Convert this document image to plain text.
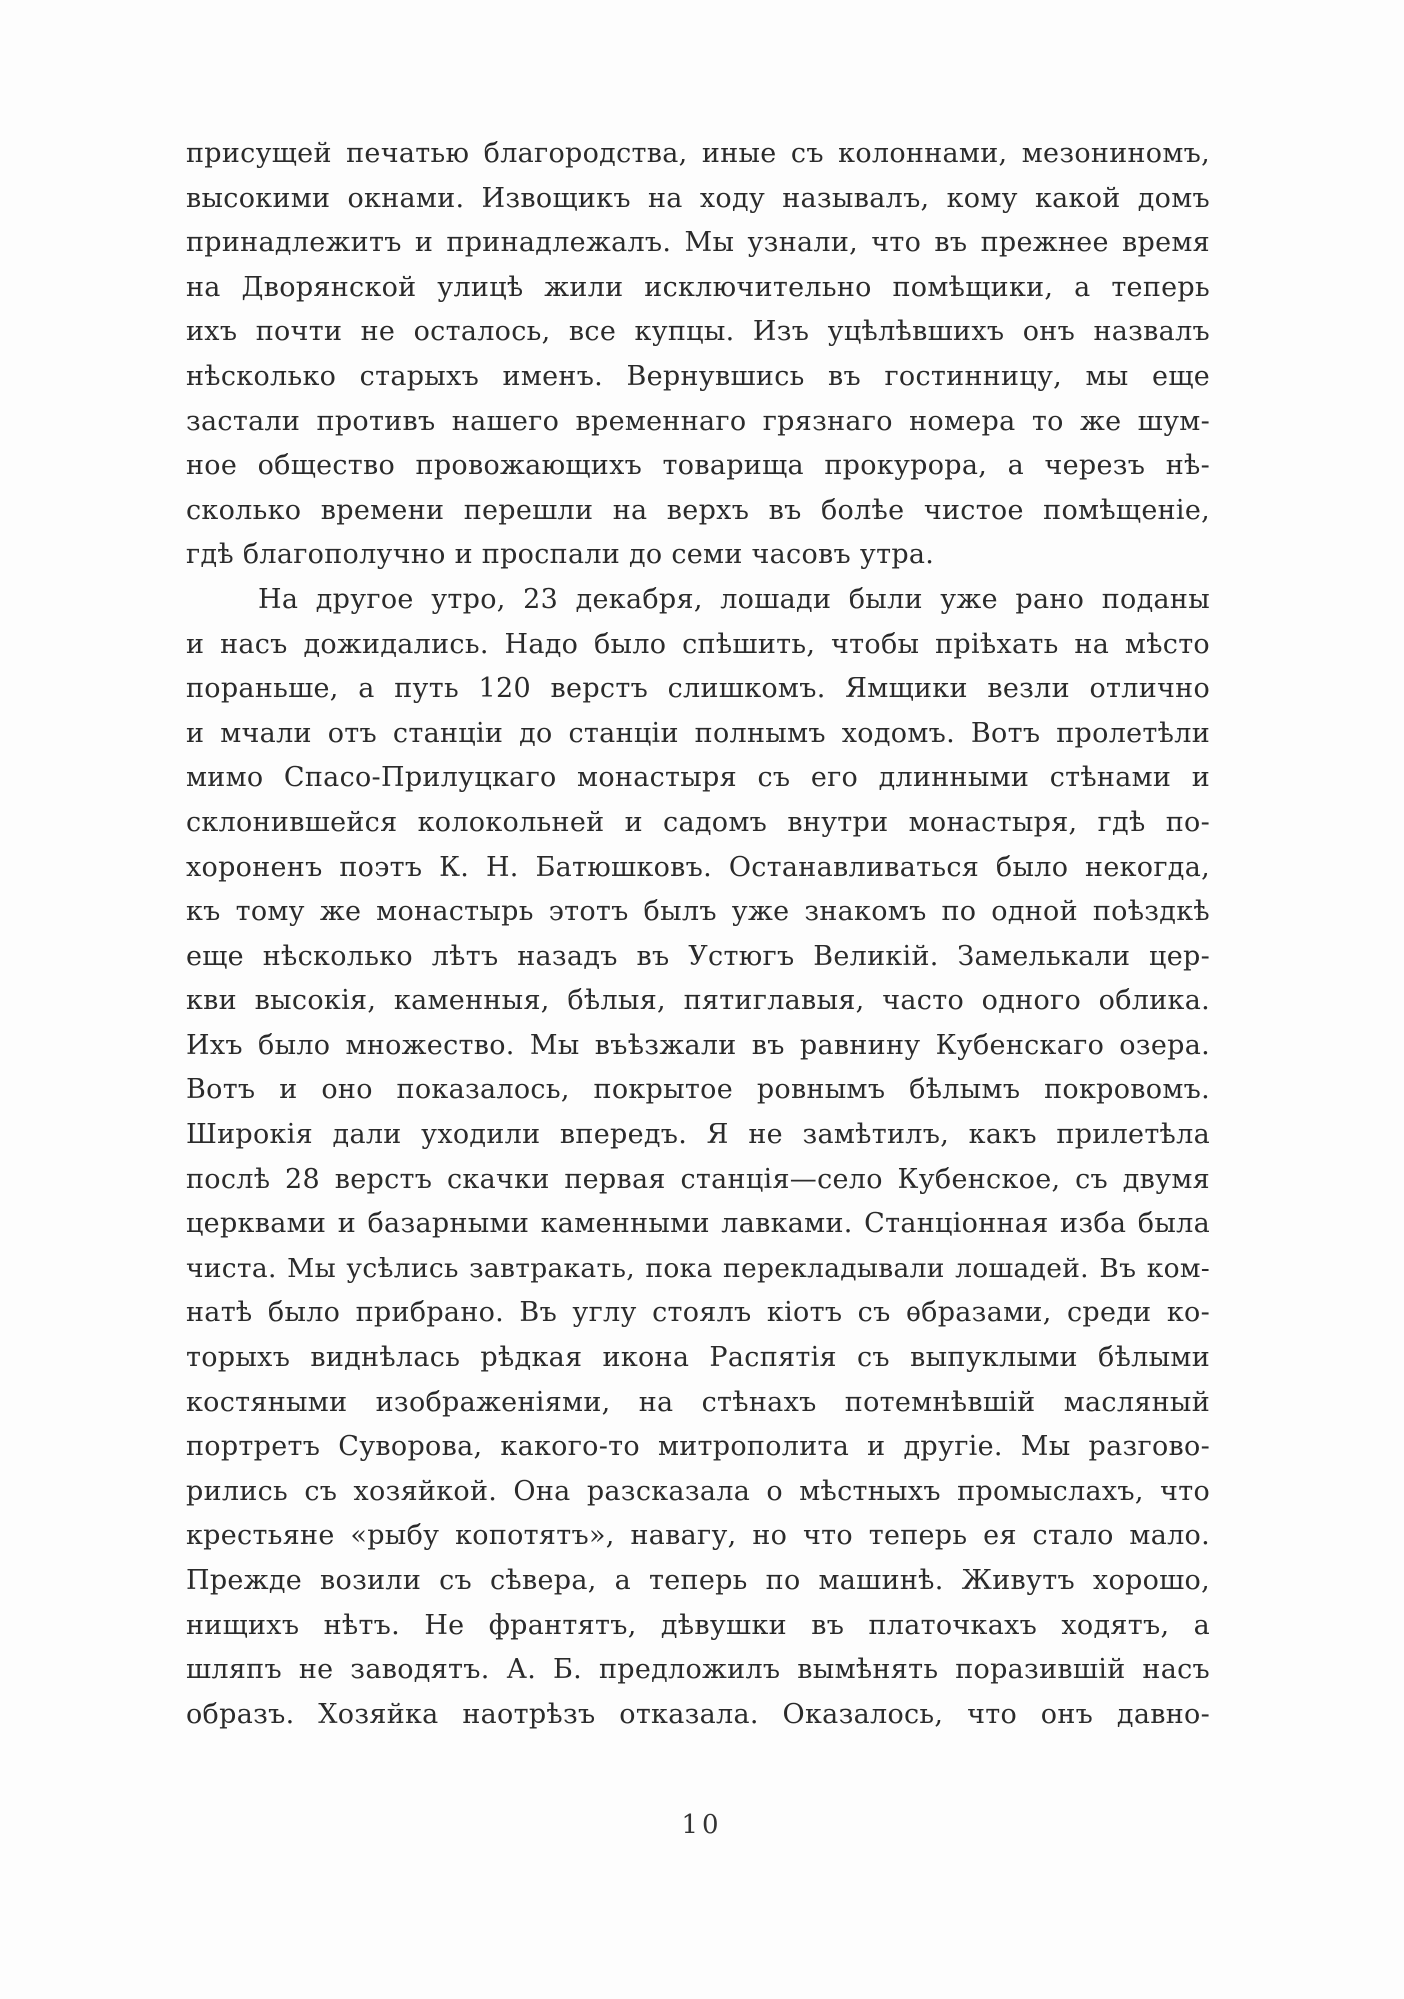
присущей печатью благородства, иные съ колоннами, мезониномъ,
высокими окнами. Извощикъ на ходу называлъ, кому какой домъ
принадлежитъ и принадлежалъ. Мы узнали, что въ прежнее время
на Дворянской улицѣ жили исключительно помѣщики, а теперь
ихъ почти не осталось, все купцы. Изъ уцѣлѣвшихъ онъ назвалъ
нѣсколько старыхъ именъ. Вернувшись въ гостинницу, мы еще
застали противъ нашего временнаго грязнаго номера то же шум-
ное общество провожающихъ товарища прокурора, а черезъ нѣ-
сколько времени перешли на верхъ въ болѣе чистое помѣщеніе,
гдѣ благополучно и проспали до семи часовъ утра.
На другое утро, 23 декабря, лошади были уже рано поданы
и насъ дожидались. Надо было спѣшить, чтобы пріѣхать на мѣсто
пораньше, а путь 120 верстъ слишкомъ. Ямщики везли отлично
и мчали отъ станціи до станціи полнымъ ходомъ. Вотъ пролетѣли
мимо Спасо-Прилуцкаго монастыря съ его длинными стѣнами и
склонившейся колокольней и садомъ внутри монастыря, гдѣ по-
хороненъ поэтъ К. Н. Батюшковъ. Останавливаться было некогда,
къ тому же монастырь этотъ былъ уже знакомъ по одной поѣздкѣ
еще нѣсколько лѣтъ назадъ въ Устюгъ Великій. Замелькали цер-
кви высокія, каменныя, бѣлыя, пятиглавыя, часто одного облика.
Ихъ было множество. Мы въѣзжали въ равнину Кубенскаго озера.
Вотъ и оно показалось, покрытое ровнымъ бѣлымъ покровомъ.
Широкія дали уходили впередъ. Я не замѣтилъ, какъ прилетѣла
послѣ 28 верстъ скачки первая станція—село Кубенское, съ двумя
церквами и базарными каменными лавками. Станціонная изба была
чиста. Мы усѣлись завтракать, пока перекладывали лошадей. Въ ком-
натѣ было прибрано. Въ углу стоялъ кіотъ съ ѳбразами, среди ко-
торыхъ виднѣлась рѣдкая икона Распятія съ выпуклыми бѣлыми
костяными изображеніями, на стѣнахъ потемнѣвшій масляный
портретъ Суворова, какого-то митрополита и другіе. Мы разгово-
рились съ хозяйкой. Она разсказала о мѣстныхъ промыслахъ, что
крестьяне «рыбу копотятъ», навагу, но что теперь ея стало мало.
Прежде возили съ сѣвера, а теперь по машинѣ. Живутъ хорошо,
нищихъ нѣтъ. Не франтятъ, дѣвушки въ платочкахъ ходятъ, а
шляпъ не заводятъ. А. Б. предложилъ вымѣнять поразившій насъ
образъ. Хозяйка наотрѣзъ отказала. Оказалось, что онъ давно-
10
